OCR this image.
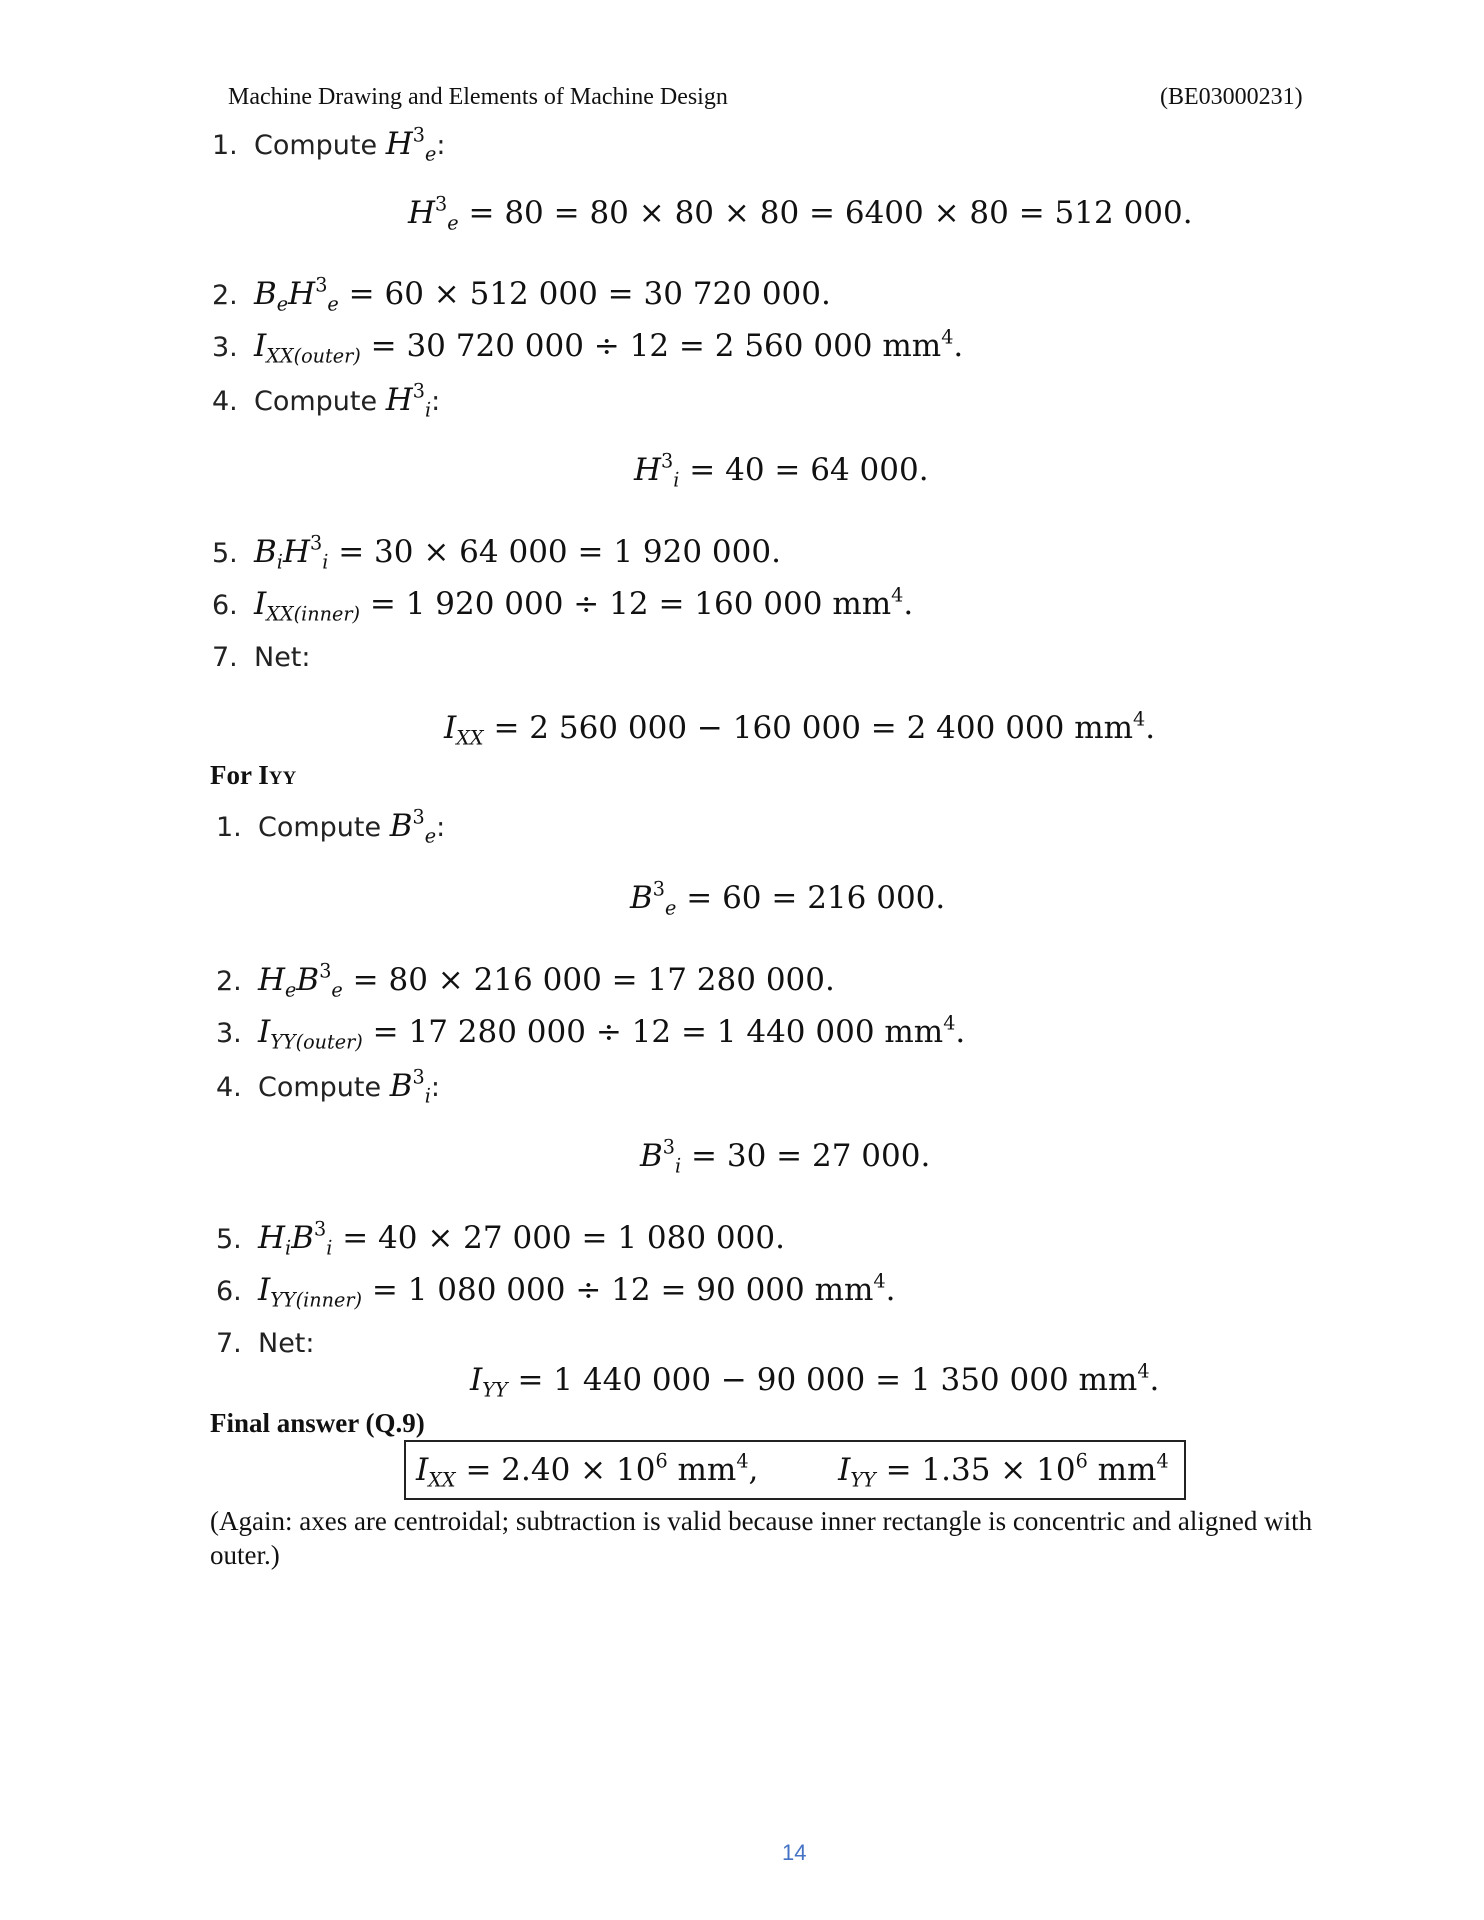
Machine Drawing and Elements of Machine Design	(BE03000231)
1. Compute $H^3_e$:
$H^3_e = 80 = 80 \times 80 \times 80 = 6400 \times 80 = 512$ 000.
2. $B_eH^3_e = 60 \times 512$ 000 = 30 720 000.
3. $I_{XX(outer)} = 30$ 720 000 ÷ 12 = 2 560 000 $mm^4$.
4. Compute $H^3_i$:
$H^3_i = 40 = 64$ 000.
5. $B_iH^3_i = 30 \times 64$ 000 = 1 920 000.
6. $I_{XX(inner)} = 1$ 920 000 ÷ 12 = 160 000 $mm^4$.
7. Net:
$I_{XX} = 2$ 560 000 − 160 000 = 2 400 000 $mm^4$.
For IYY
1. Compute $B^3_e$:
$B^3_e = 60 = 216$ 000.
2. $H_eB^3_e = 80 \times 216$ 000 = 17 280 000.
3. $I_{YY(outer)} = 17$ 280 000 ÷ 12 = 1 440 000 $mm^4$.
4. Compute $B^3_i$:
$B^3_i = 30 = 27$ 000.
5. $H_iB^3_i = 40 \times 27$ 000 = 1 080 000.
6. $I_{YY(inner)} = 1$ 080 000 ÷ 12 = 90 000 $mm^4$.
7. Net:
$I_{YY} = 1$ 440 000 − 90 000 = 1 350 000 $mm^4$.
Final answer (Q.9)
$I_{XX} = 2.40 \times 10^6$ $mm^4$,  $I_{YY} = 1.35 \times 10^6$ $mm^4$
(Again: axes are centroidal; subtraction is valid because inner rectangle is concentric and aligned with outer.)
14
